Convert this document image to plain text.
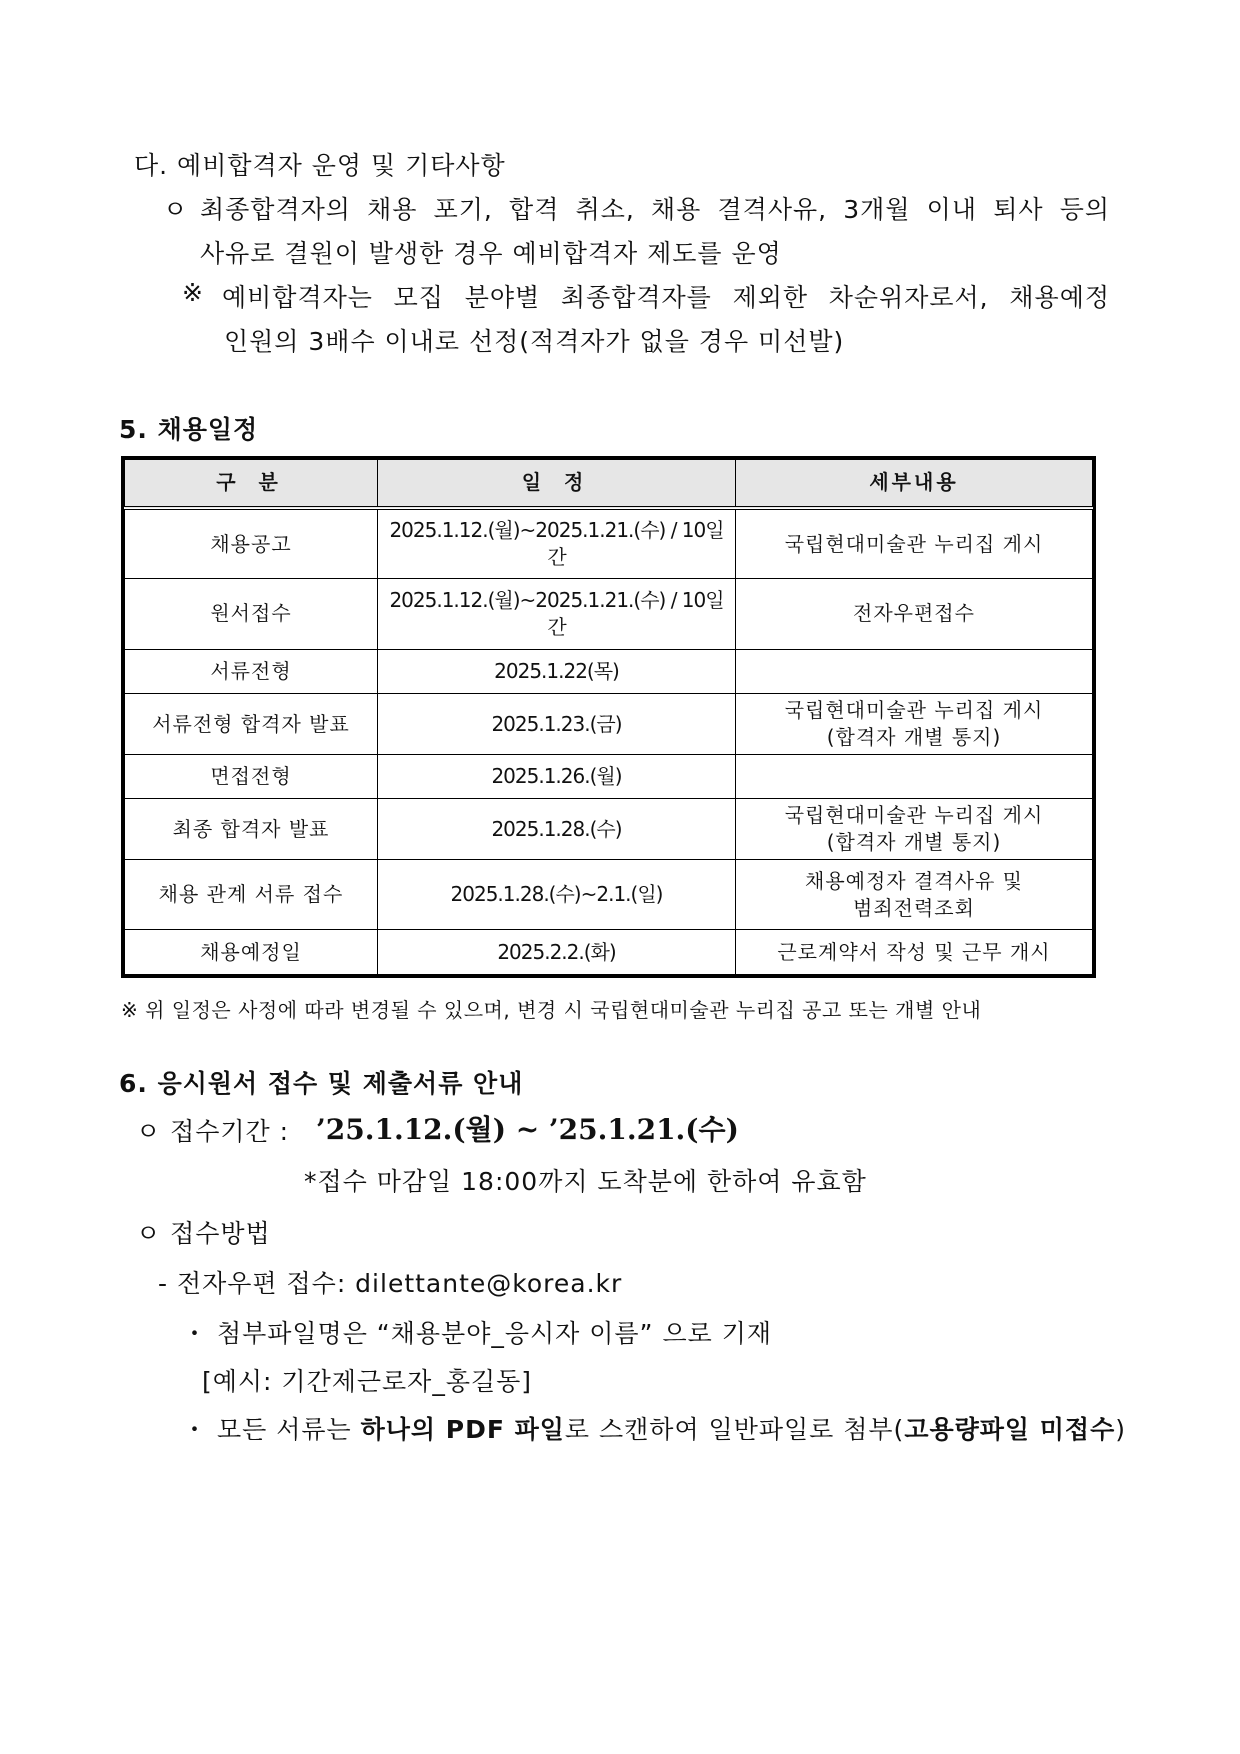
다. 예비합격자 운영 및 기타사항
ㅇ 최종합격자의 채용 포기, 합격 취소, 채용 결격사유, 3개월 이내 퇴사 등의
사유로 결원이 발생한 경우 예비합격자 제도를 운영
※ 예비합격자는 모집 분야별 최종합격자를 제외한 차순위자로서, 채용예정
인원의 3배수 이내로 선정(적격자가 없을 경우 미선발)
5. 채용일정
구 분	일 정	세부내용
채용공고	2025.1.12.(월)~2025.1.21.(수) / 10일간	국립현대미술관 누리집 게시
원서접수	2025.1.12.(월)~2025.1.21.(수) / 10일간	전자우편접수
서류전형	2025.1.22(목)	
서류전형 합격자 발표	2025.1.23.(금)	국립현대미술관 누리집 게시
(합격자 개별 통지)

면접전형	2025.1.26.(월)	
최종 합격자 발표	2025.1.28.(수)	국립현대미술관 누리집 게시
(합격자 개별 통지)

채용 관계 서류 접수	2025.1.28.(수)~2.1.(일)	채용예정자 결격사유 및
범죄전력조회

채용예정일	2025.2.2.(화)	근로계약서 작성 및 근무 개시
※ 위 일정은 사정에 따라 변경될 수 있으며, 변경 시 국립현대미술관 누리집 공고 또는 개별 안내
6. 응시원서 접수 및 제출서류 안내
ㅇ 접수기간 : ’25.1.12.(월) ~ ’25.1.21.(수)
*접수 마감일 18:00까지 도착분에 한하여 유효함
ㅇ 접수방법
- 전자우편 접수: dilettante@korea.kr
・ 첨부파일명은 “채용분야_응시자 이름” 으로 기재
[예시: 기간제근로자_홍길동]
・ 모든 서류는 하나의 PDF 파일로 스캔하여 일반파일로 첨부(고용량파일 미접수)
